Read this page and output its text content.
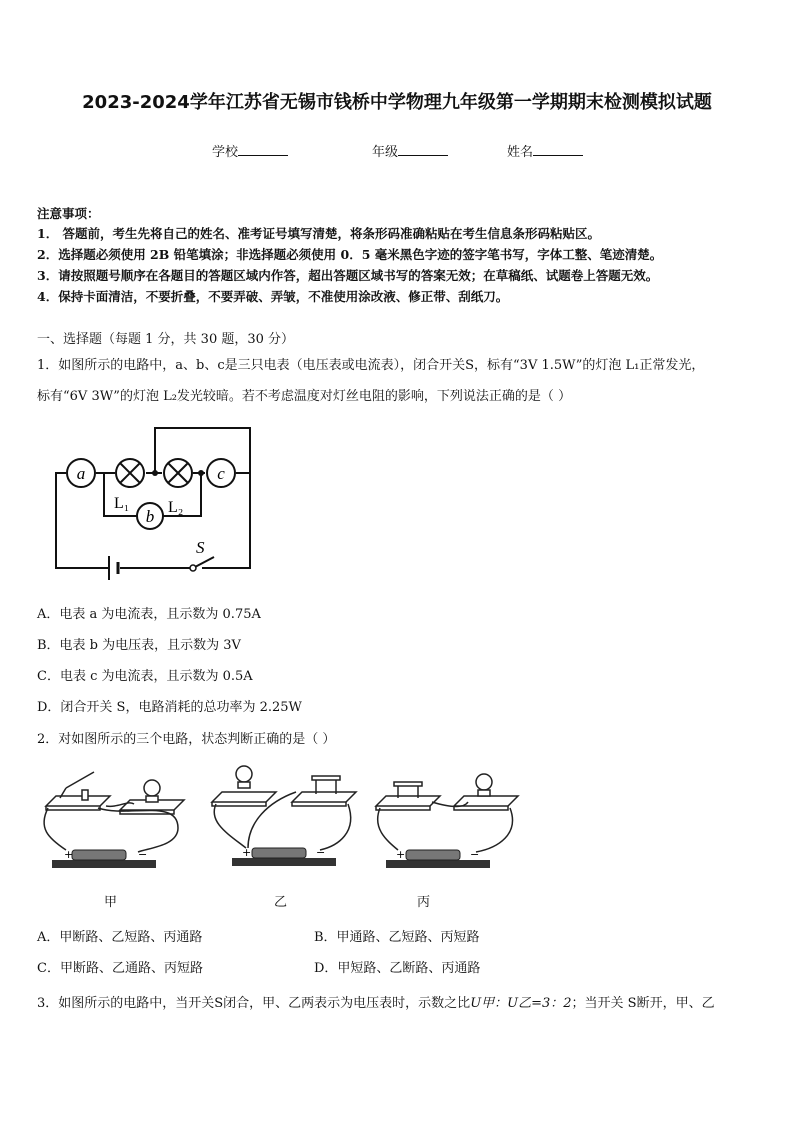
2023-2024学年江苏省无锡市钱桥中学物理九年级第一学期期末检测模拟试题
学校	年级	姓名
注意事项：
1． 答题前，考生先将自己的姓名、准考证号填写清楚，将条形码准确粘贴在考生信息条形码粘贴区。
2．选择题必须使用 2B 铅笔填涂；非选择题必须使用 0．5 毫米黑色字迹的签字笔书写，字体工整、笔迹清楚。
3．请按照题号顺序在各题目的答题区域内作答，超出答题区域书写的答案无效；在草稿纸、试题卷上答题无效。
4．保持卡面清洁，不要折叠，不要弄破、弄皱，不准使用涂改液、修正带、刮纸刀。
一、选择题（每题 1 分，共 30 题，30 分）
1．如图所示的电路中，a、b、c是三只电表（电压表或电流表），闭合开关S，标有“3V 1.5W”的灯泡 L₁正常发光，
标有“6V 3W”的灯泡 L₂发光较暗。若不考虑温度对灯丝电阻的影响，下列说法正确的是（ ）
a	c
b
L₁ L₂
S
A．电表 a 为电流表，且示数为 0.75A
B．电表 b 为电压表，且示数为 3V
C．电表 c 为电流表，且示数为 0.5A
D．闭合开关 S，电路消耗的总功率为 2.25W
2．对如图所示的三个电路，状态判断正确的是（ ）
+	−	+	−	+	−
甲	乙	丙
A．甲断路、乙短路、丙通路	B．甲通路、乙短路、丙短路
C．甲断路、乙通路、丙短路	D．甲短路、乙断路、丙通路
3．如图所示的电路中，当开关S闭合，甲、乙两表示为电压表时，示数之比U甲：U乙=3：2；当开关 S断开，甲、乙
